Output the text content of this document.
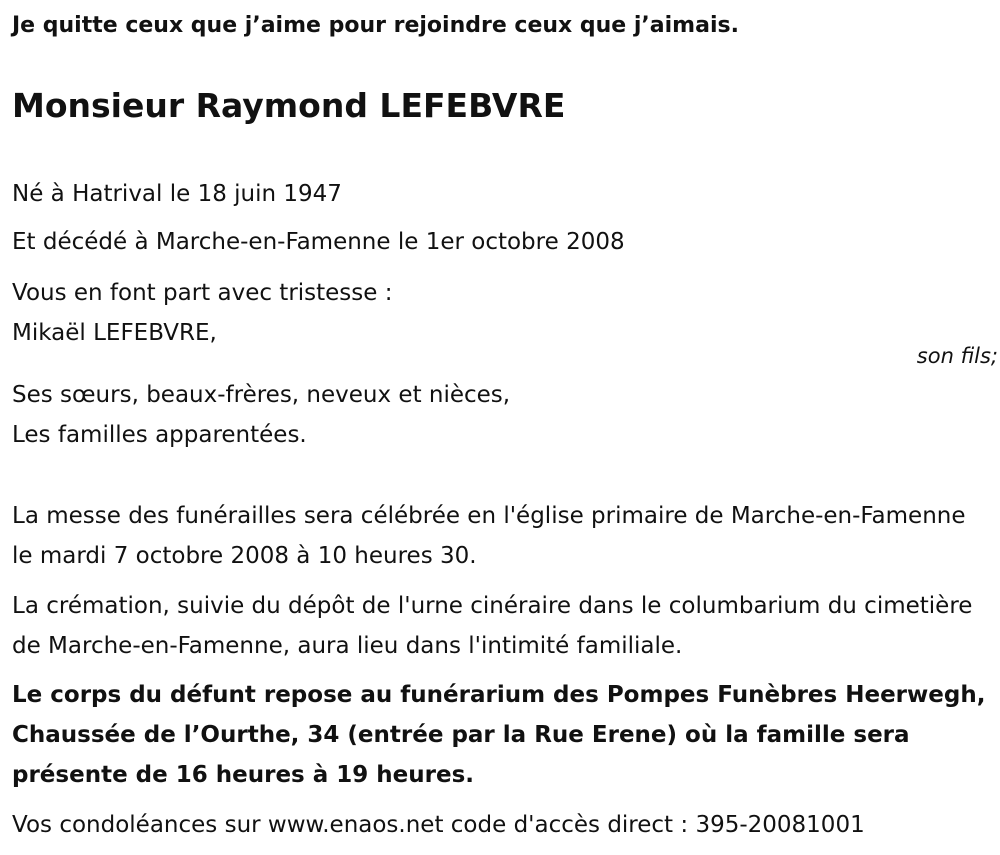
Je quitte ceux que j’aime pour rejoindre ceux que j’aimais.
Monsieur Raymond LEFEBVRE
Né à Hatrival le 18 juin 1947
Et décédé à Marche-en-Famenne le 1er octobre 2008
Vous en font part avec tristesse :
Mikaël LEFEBVRE,
Ses sœurs, beaux-frères, neveux et nièces,
Les familles apparentées.
La messe des funérailles sera célébrée en l'église primaire de Marche-en-Famenne le mardi 7 octobre 2008 à 10 heures 30.
La crémation, suivie du dépôt de l'urne cinéraire dans le columbarium du cimetière de Marche-en-Famenne, aura lieu dans l'intimité familiale.
Le corps du défunt repose au funérarium des Pompes Funèbres Heerwegh, Chaussée de l’Ourthe, 34 (entrée par la Rue Erene) où la famille sera présente de 16 heures à 19 heures.
Vos condoléances sur www.enaos.net code d'accès direct : 395-20081001
son fils;
